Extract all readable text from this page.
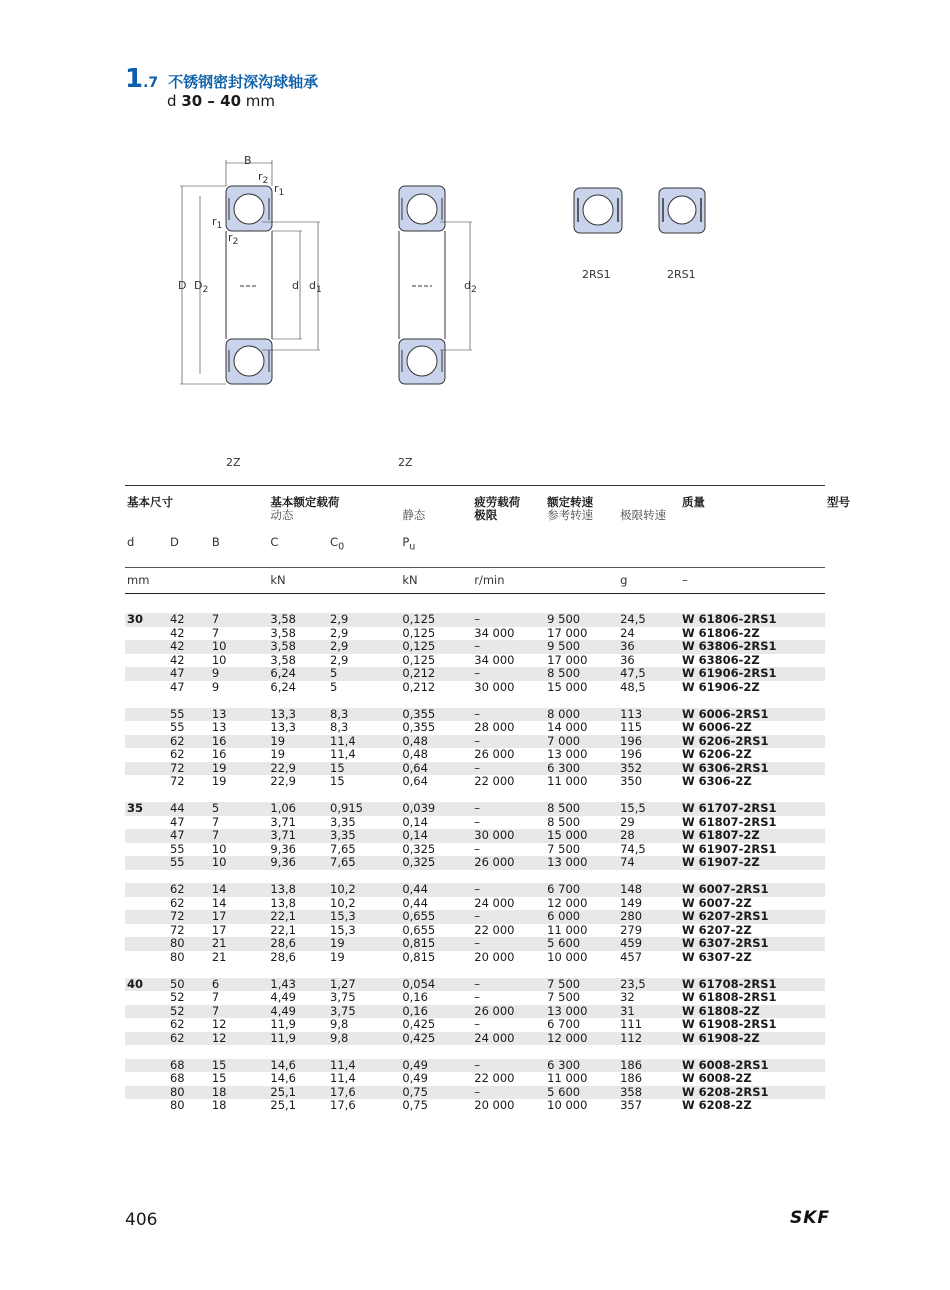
1 .7 不锈钢密封深沟球轴承
d 30 – 40 mm
B
$r_2$
$r_1$
$r_1$
$r_2$
D $D_2$	d $d_1$	$d_2$
2Z	2Z
2RS1	2RS1

基本尺寸			基本额定载荷
动态		静态	疲劳载荷
极限	额定转速
参考转速	极限转速	质量	型号
d	D	B	C	$C_0$	$P_u$				

mm			kN		kN	r/min		g	–	

30	42	7	3,58	2,9	0,125	–	9 500	24,5	W 61806-2RS1	
	42	7	3,58	2,9	0,125	34 000	17 000	24	W 61806-2Z	
	42	10	3,58	2,9	0,125	–	9 500	36	W 63806-2RS1	
	42	10	3,58	2,9	0,125	34 000	17 000	36	W 63806-2Z	
	47	9	6,24	5	0,212	–	8 500	47,5	W 61906-2RS1	
	47	9	6,24	5	0,212	30 000	15 000	48,5	W 61906-2Z	

	55	13	13,3	8,3	0,355	–	8 000	113	W 6006-2RS1	
	55	13	13,3	8,3	0,355	28 000	14 000	115	W 6006-2Z	
	62	16	19	11,4	0,48	–	7 000	196	W 6206-2RS1	
	62	16	19	11,4	0,48	26 000	13 000	196	W 6206-2Z	
	72	19	22,9	15	0,64	–	6 300	352	W 6306-2RS1	
	72	19	22,9	15	0,64	22 000	11 000	350	W 6306-2Z	

35	44	5	1,06	0,915	0,039	–	8 500	15,5	W 61707-2RS1	
	47	7	3,71	3,35	0,14	–	8 500	29	W 61807-2RS1	
	47	7	3,71	3,35	0,14	30 000	15 000	28	W 61807-2Z	
	55	10	9,36	7,65	0,325	–	7 500	74,5	W 61907-2RS1	
	55	10	9,36	7,65	0,325	26 000	13 000	74	W 61907-2Z	

	62	14	13,8	10,2	0,44	–	6 700	148	W 6007-2RS1	
	62	14	13,8	10,2	0,44	24 000	12 000	149	W 6007-2Z	
	72	17	22,1	15,3	0,655	–	6 000	280	W 6207-2RS1	
	72	17	22,1	15,3	0,655	22 000	11 000	279	W 6207-2Z	
	80	21	28,6	19	0,815	–	5 600	459	W 6307-2RS1	
	80	21	28,6	19	0,815	20 000	10 000	457	W 6307-2Z	

40	50	6	1,43	1,27	0,054	–	7 500	23,5	W 61708-2RS1	
	52	7	4,49	3,75	0,16	–	7 500	32	W 61808-2RS1	
	52	7	4,49	3,75	0,16	26 000	13 000	31	W 61808-2Z	
	62	12	11,9	9,8	0,425	–	6 700	111	W 61908-2RS1	
	62	12	11,9	9,8	0,425	24 000	12 000	112	W 61908-2Z	

	68	15	14,6	11,4	0,49	–	6 300	186	W 6008-2RS1	
	68	15	14,6	11,4	0,49	22 000	11 000	186	W 6008-2Z	
	80	18	25,1	17,6	0,75	–	5 600	358	W 6208-2RS1	
	80	18	25,1	17,6	0,75	20 000	10 000	357	W 6208-2Z	
406	SKF
